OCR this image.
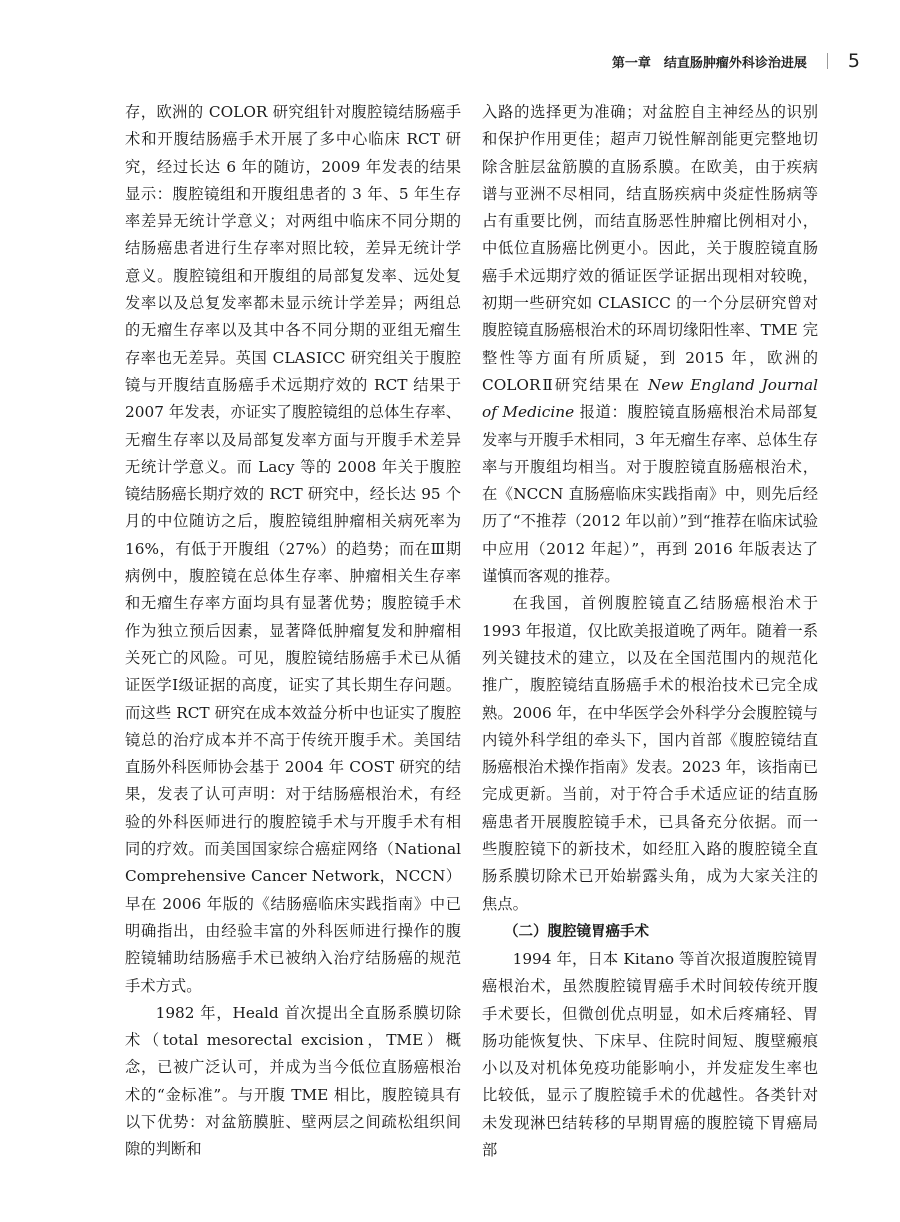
第一章　结直肠肿瘤外科诊治进展 5

存，欧洲的 COLOR 研究组针对腹腔镜结肠癌手术和开腹结肠癌手术开展了多中心临床 RCT 研究，经过长达 6 年的随访，2009 年发表的结果显示：腹腔镜组和开腹组患者的 3 年、5 年生存率差异无统计学意义；对两组中临床不同分期的结肠癌患者进行生存率对照比较，差异无统计学意义。腹腔镜组和开腹组的局部复发率、远处复发率以及总复发率都未显示统计学差异；两组总的无瘤生存率以及其中各不同分期的亚组无瘤生存率也无差异。英国 CLASICC 研究组关于腹腔镜与开腹结直肠癌手术远期疗效的 RCT 结果于 2007 年发表，亦证实了腹腔镜组的总体生存率、无瘤生存率以及局部复发率方面与开腹手术差异无统计学意义。而 Lacy 等的 2008 年关于腹腔镜结肠癌长期疗效的 RCT 研究中，经长达 95 个月的中位随访之后，腹腔镜组肿瘤相关病死率为 16%，有低于开腹组（27%）的趋势；而在Ⅲ期病例中，腹腔镜在总体生存率、肿瘤相关生存率和无瘤生存率方面均具有显著优势；腹腔镜手术作为独立预后因素，显著降低肿瘤复发和肿瘤相关死亡的风险。可见，腹腔镜结肠癌手术已从循证医学Ⅰ级证据的高度，证实了其长期生存问题。而这些 RCT 研究在成本效益分析中也证实了腹腔镜总的治疗成本并不高于传统开腹手术。美国结直肠外科医师协会基于 2004 年 COST 研究的结果，发表了认可声明：对于结肠癌根治术，有经验的外科医师进行的腹腔镜手术与开腹手术有相同的疗效。而美国国家综合癌症网络（National Comprehensive Cancer Network，NCCN）早在 2006 年版的《结肠癌临床实践指南》中已明确指出，由经验丰富的外科医师进行操作的腹腔镜辅助结肠癌手术已被纳入治疗结肠癌的规范手术方式。

1982 年，Heald 首次提出全直肠系膜切除术（total mesorectal excision，TME）概念，已被广泛认可，并成为当今低位直肠癌根治术的“金标准”。与开腹 TME 相比，腹腔镜具有以下优势：对盆筋膜脏、壁两层之间疏松组织间隙的判断和

入路的选择更为准确；对盆腔自主神经丛的识别和保护作用更佳；超声刀锐性解剖能更完整地切除含脏层盆筋膜的直肠系膜。在欧美，由于疾病谱与亚洲不尽相同，结直肠疾病中炎症性肠病等占有重要比例，而结直肠恶性肿瘤比例相对小，中低位直肠癌比例更小。因此，关于腹腔镜直肠癌手术远期疗效的循证医学证据出现相对较晚，初期一些研究如 CLASICC 的一个分层研究曾对腹腔镜直肠癌根治术的环周切缘阳性率、TME 完整性等方面有所质疑，到 2015 年，欧洲的 COLORⅡ研究结果在 New England Journal of Medicine 报道：腹腔镜直肠癌根治术局部复发率与开腹手术相同，3 年无瘤生存率、总体生存率与开腹组均相当。对于腹腔镜直肠癌根治术，在《NCCN 直肠癌临床实践指南》中，则先后经历了“不推荐（2012 年以前）”到“推荐在临床试验中应用（2012 年起）”，再到 2016 年版表达了谨慎而客观的推荐。

在我国，首例腹腔镜直乙结肠癌根治术于 1993 年报道，仅比欧美报道晚了两年。随着一系列关键技术的建立，以及在全国范围内的规范化推广，腹腔镜结直肠癌手术的根治技术已完全成熟。2006 年，在中华医学会外科学分会腹腔镜与内镜外科学组的牵头下，国内首部《腹腔镜结直肠癌根治术操作指南》发表。2023 年，该指南已完成更新。当前，对于符合手术适应证的结直肠癌患者开展腹腔镜手术，已具备充分依据。而一些腹腔镜下的新技术，如经肛入路的腹腔镜全直肠系膜切除术已开始崭露头角，成为大家关注的焦点。

（二）腹腔镜胃癌手术

1994 年，日本 Kitano 等首次报道腹腔镜胃癌根治术，虽然腹腔镜胃癌手术时间较传统开腹手术要长，但微创优点明显，如术后疼痛轻、胃肠功能恢复快、下床早、住院时间短、腹壁瘢痕小以及对机体免疫功能影响小，并发症发生率也比较低，显示了腹腔镜手术的优越性。各类针对未发现淋巴结转移的早期胃癌的腹腔镜下胃癌局部
